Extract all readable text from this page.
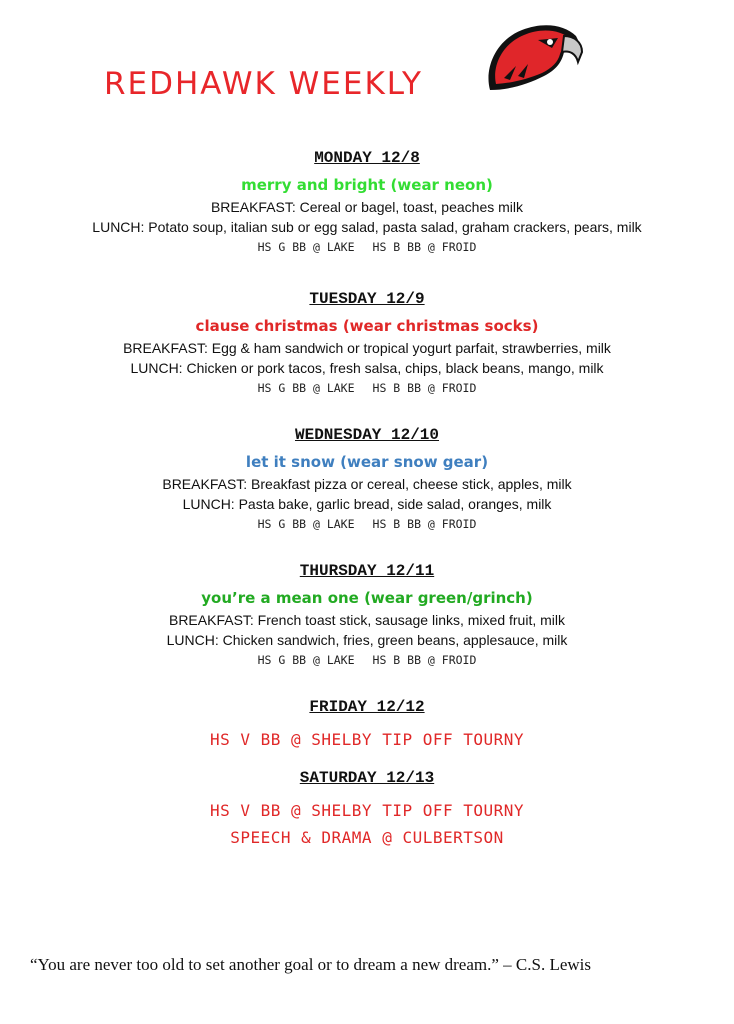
REDHAWK WEEKLY
MONDAY 12/8
merry and bright (wear neon)
BREAKFAST: Cereal or bagel, toast, peaches milk
LUNCH: Potato soup, italian sub or egg salad, pasta salad, graham crackers, pears, milk
HS G BB @ LAKE HS B BB @ FROID
TUESDAY 12/9
clause christmas (wear christmas socks)
BREAKFAST: Egg & ham sandwich or tropical yogurt parfait, strawberries, milk
LUNCH: Chicken or pork tacos, fresh salsa, chips, black beans, mango, milk
HS G BB @ LAKE HS B BB @ FROID
WEDNESDAY 12/10
let it snow (wear snow gear)
BREAKFAST: Breakfast pizza or cereal, cheese stick, apples, milk
LUNCH: Pasta bake, garlic bread, side salad, oranges, milk
HS G BB @ LAKE HS B BB @ FROID
THURSDAY 12/11
you’re a mean one (wear green/grinch)
BREAKFAST: French toast stick, sausage links, mixed fruit, milk
LUNCH: Chicken sandwich, fries, green beans, applesauce, milk
HS G BB @ LAKE HS B BB @ FROID
FRIDAY 12/12
HS V BB @ SHELBY TIP OFF TOURNY
SATURDAY 12/13
HS V BB @ SHELBY TIP OFF TOURNY
SPEECH & DRAMA @ CULBERTSON
“You are never too old to set another goal or to dream a new dream.” – C.S. Lewis
